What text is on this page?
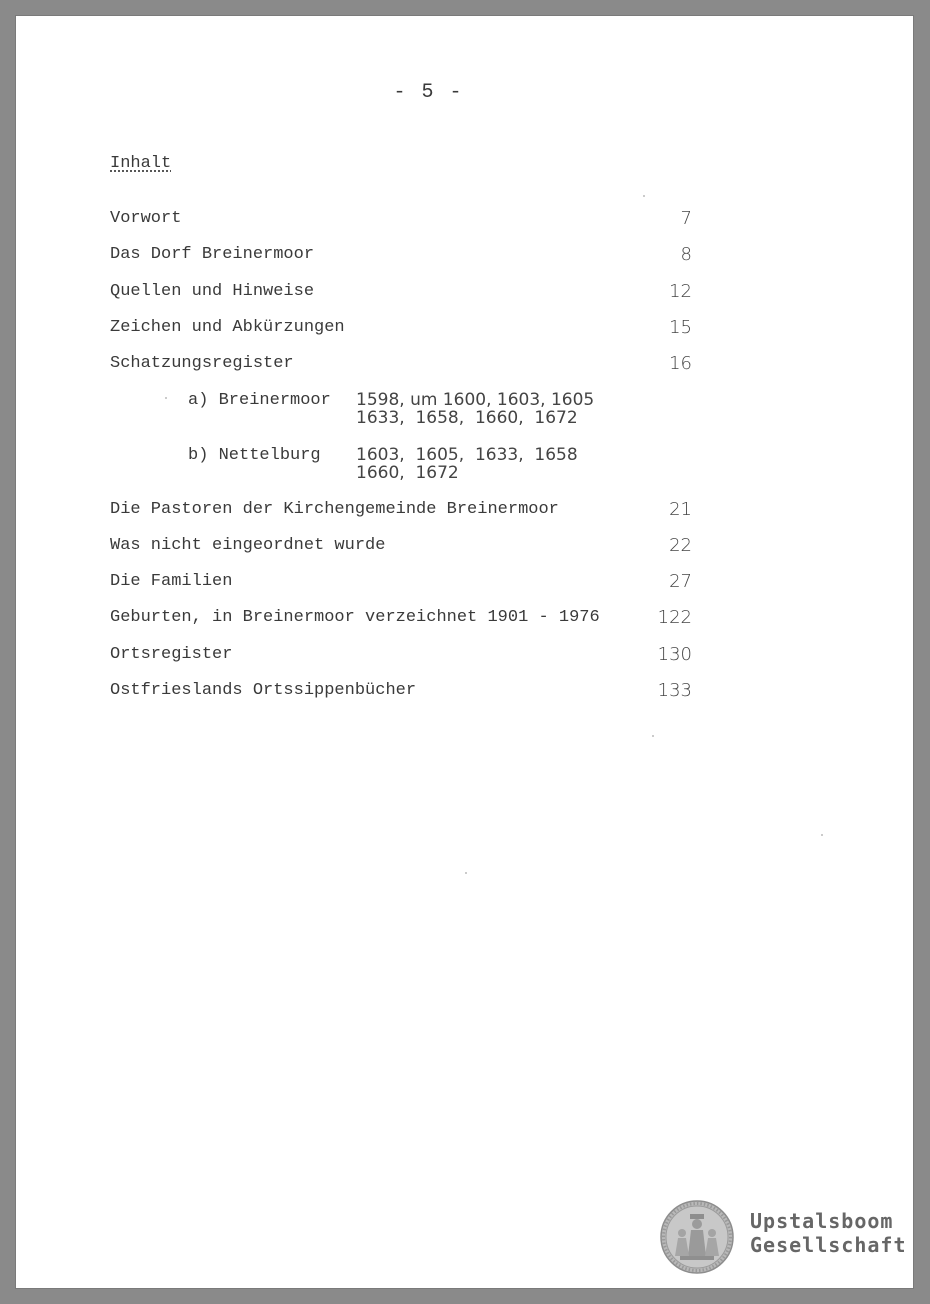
- 5 -
Inhalt
Vorwort	7
Das Dorf Breinermoor	8
Quellen und Hinweise	12
Zeichen und Abkürzungen	15
Schatzungsregister	16
a) Breinermoor 1598, um 1600, 1603, 1605
1633,  1658,  1660,  1672
b) Nettelburg 1603,  1605,  1633,  1658
1660,  1672
Die Pastoren der Kirchengemeinde Breinermoor	21
Was nicht eingeordnet wurde	22
Die Familien	27
Geburten, in Breinermoor verzeichnet 1901 - 1976	122
Ortsregister	130
Ostfrieslands Ortssippenbücher	133
Upstalsboom
Gesellschaft
